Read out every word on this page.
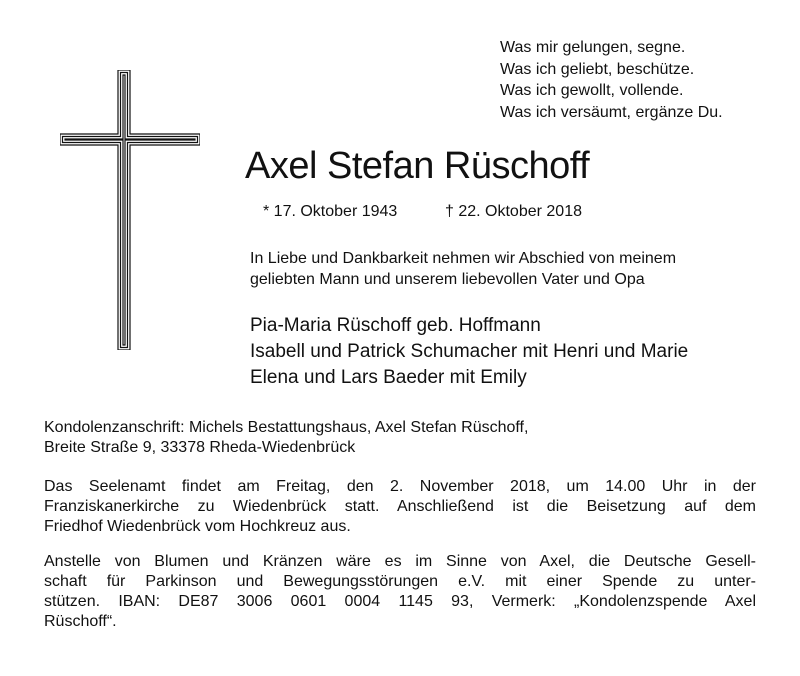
Was mir gelungen, segne.
Was ich geliebt, beschütze.
Was ich gewollt, vollende.
Was ich versäumt, ergänze Du.
Axel Stefan Rüschoff
* 17. Oktober 1943	† 22. Oktober 2018
In Liebe und Dankbarkeit nehmen wir Abschied von meinem
geliebten Mann und unserem liebevollen Vater und Opa
Pia-Maria Rüschoff geb. Hoffmann
Isabell und Patrick Schumacher mit Henri und Marie
Elena und Lars Baeder mit Emily
Kondolenzanschrift: Michels Bestattungshaus, Axel Stefan Rüschoff,
Breite Straße 9, 33378 Rheda-Wiedenbrück
Das Seelenamt findet am Freitag, den 2. November 2018, um 14.00 Uhr in der
Franziskanerkirche zu Wiedenbrück statt. Anschließend ist die Beisetzung auf dem
Friedhof Wiedenbrück vom Hochkreuz aus.
Anstelle von Blumen und Kränzen wäre es im Sinne von Axel, die Deutsche Gesell-
schaft für Parkinson und Bewegungsstörungen e.V. mit einer Spende zu unter-
stützen. IBAN: DE87 3006 0601 0004 1145 93, Vermerk: „Kondolenzspende Axel
Rüschoff“.
